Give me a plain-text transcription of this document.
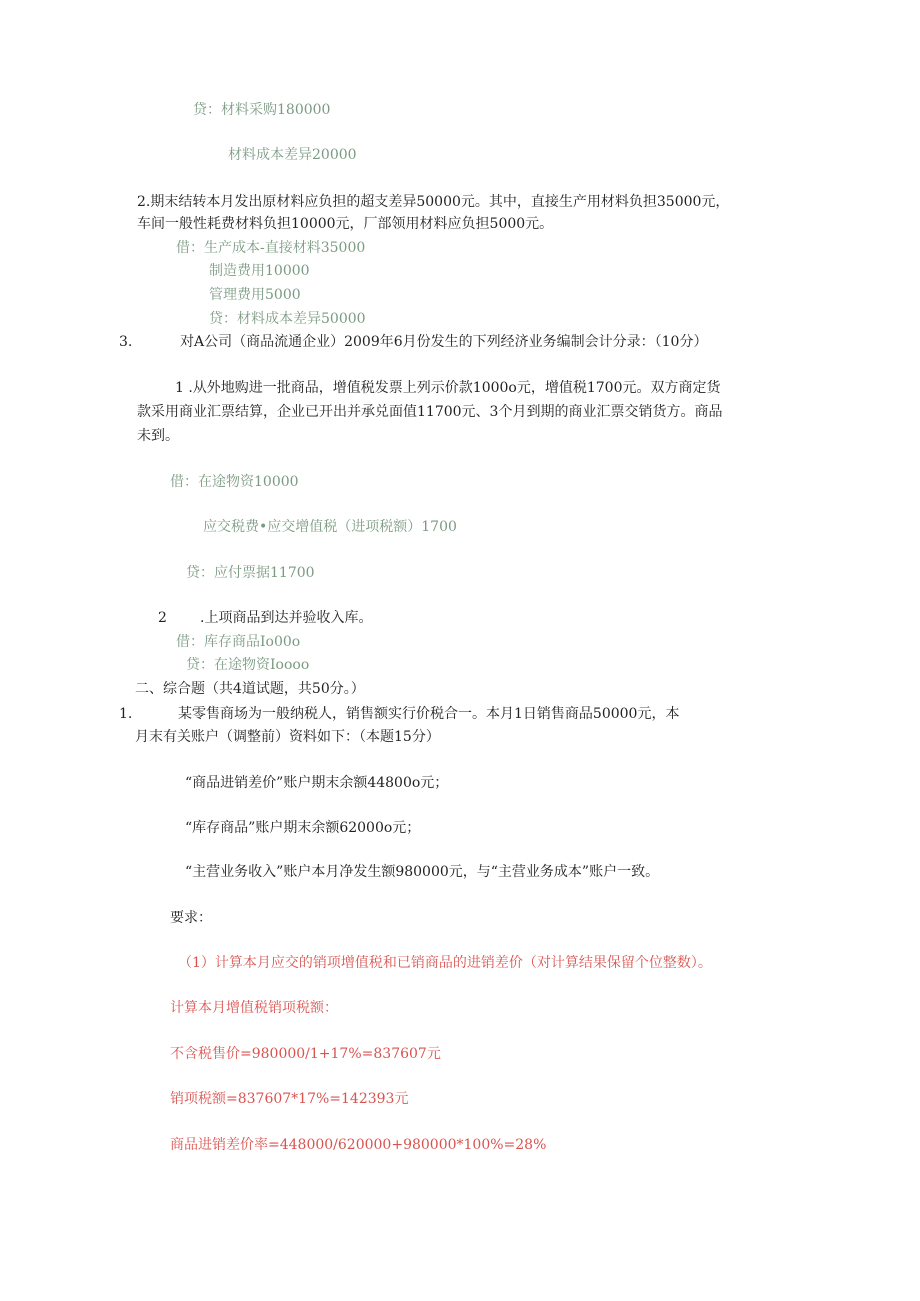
贷：材料采购180000
材料成本差异20000
2.期末结转本月发出原材料应负担的超支差异50000元。其中，直接生产用材料负担35000元，
车间一般性耗费材料负担10000元，厂部领用材料应负担5000元。
借：生产成本-直接材料35000
制造费用10000
管理费用5000
贷：材料成本差异50000
3.	对A公司（商品流通企业）2009年6月份发生的下列经济业务编制会计分录：（10分）
1 .从外地购进一批商品，增值税发票上列示价款1000o元，增值税1700元。双方商定货
款采用商业汇票结算，企业已开出并承兑面值11700元、3个月到期的商业汇票交销货方。商品
未到。
借：在途物资10000
应交税费•应交增值税（进项税额）1700
贷：应付票据11700
2 .上项商品到达并验收入库。
借：库存商品Io00o
贷：在途物资Ioooo
二、综合题（共4道试题，共50分。）
1.	某零售商场为一般纳税人，销售额实行价税合一。本月1日销售商品50000元，本
月末有关账户（调整前）资料如下：（本题15分）
“商品进销差价”账户期末余额44800o元；
“库存商品”账户期末余额62000o元；
“主营业务收入”账户本月净发生额980000元，与“主营业务成本”账户一致。
要求：
（1）计算本月应交的销项增值税和已销商品的进销差价（对计算结果保留个位整数）。
计算本月增值税销项税额：
不含税售价=980000/1+17%=837607元
销项税额=837607*17%=142393元
商品进销差价率=448000/620000+980000*100%=28%
